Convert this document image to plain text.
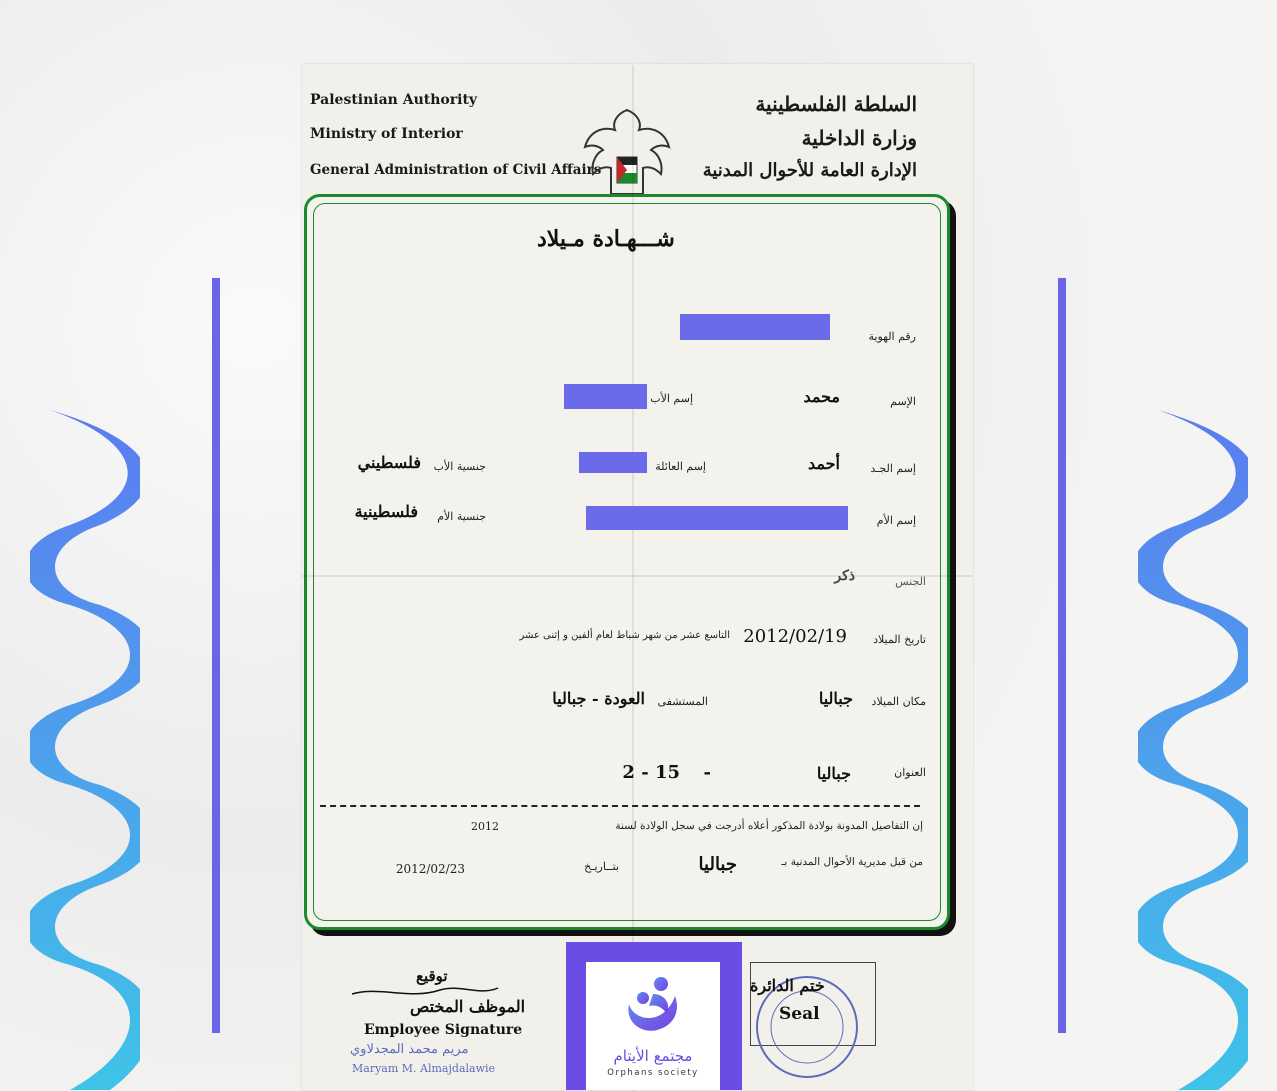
Palestinian Authority
Ministry of Interior
General Administration of Civil Affairs
السلطة الفلسطينية
وزارة الداخلية
الإدارة العامة للأحوال المدنية
شـــهـادة مـيلاد
رقم الهوية
الإسم
محمد
إسم الأب
إسم الجـد
أحمد
إسم العائلة
جنسية الأب
فلسطيني
إسم الأم
جنسية الأم
فلسطينية
الجنس
ذكر
تاريخ الميلاد
2012/02/19
التاسع عشر من شهر شباط لعام ألفين و إثنى عشر
مكان الميلاد
جباليا
المستشفى
العودة - جباليا
العنوان
جباليا
-
2 - 15
إن التفاصيل المدونة بولادة المذكور أعلاه أدرجت في سجل الولادة لسنة
2012
من قبل مديرية الأحوال المدنية بـ
جباليا
بتــاريـخ
2012/02/23
توقيع
الموظف المختص
Employee Signature
مريم محمد المجدلاوي
Maryam M. Almajdalawie
ختم الدائرة
Seal
مجتمع الأيتام
Orphans society
